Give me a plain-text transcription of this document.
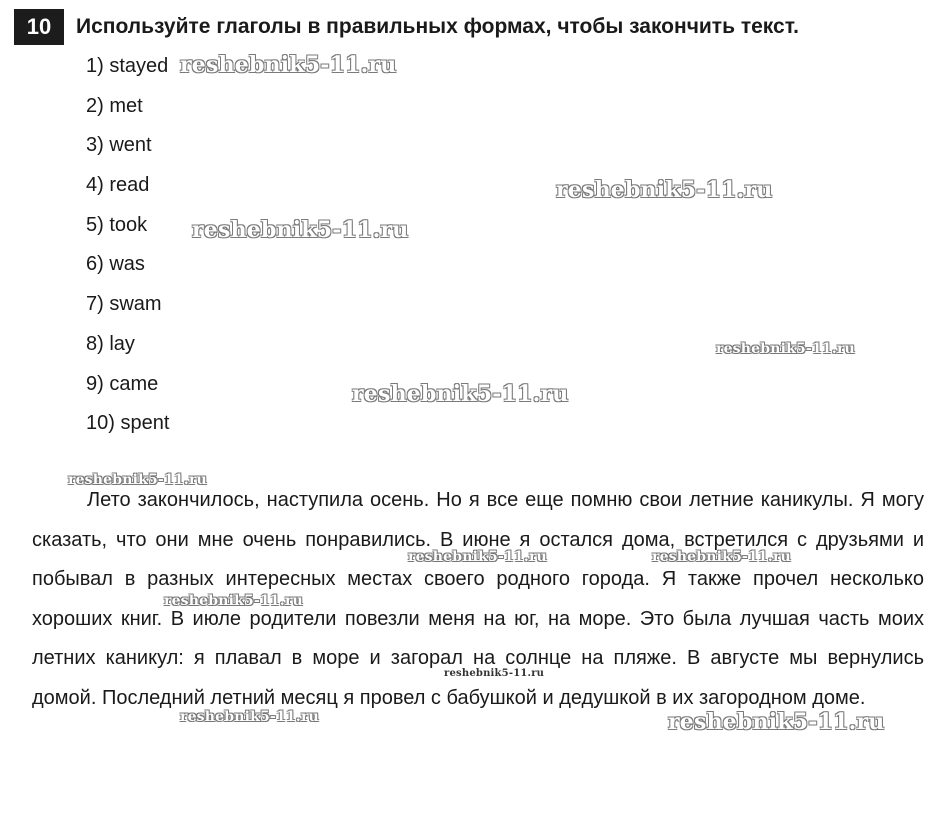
10	Используйте глаголы в правильных формах, чтобы закончить текст.
1) stayed
2) met
3) went
4) read
5) took
6) was
7) swam
8) lay
9) came
10) spent

Лето закончилось, наступила осень. Но я все еще помню свои летние каникулы. Я могу сказать, что они мне очень понравились. В июне я остался дома, встретился с друзьями и побывал в разных интересных местах своего родного города. Я также прочел несколько хороших книг. В июле родители повезли меня на юг, на море. Это была лучшая часть моих летних каникул: я плавал в море и загорал на солнце на пляже. В августе мы вернулись домой. Последний летний месяц я провел с бабушкой и дедушкой в их загородном доме.

reshebnik5-11.ru
reshebnik5-11.ru
reshebnik5-11.ru
reshebnik5-11.ru
reshebnik5-11.ru
reshebnik5-11.ru
reshebnik5-11.ru	reshebnik5-11.ru
reshebnik5-11.ru
reshebnik5-11.ru
reshebnik5-11.ru	reshebnik5-11.ru
